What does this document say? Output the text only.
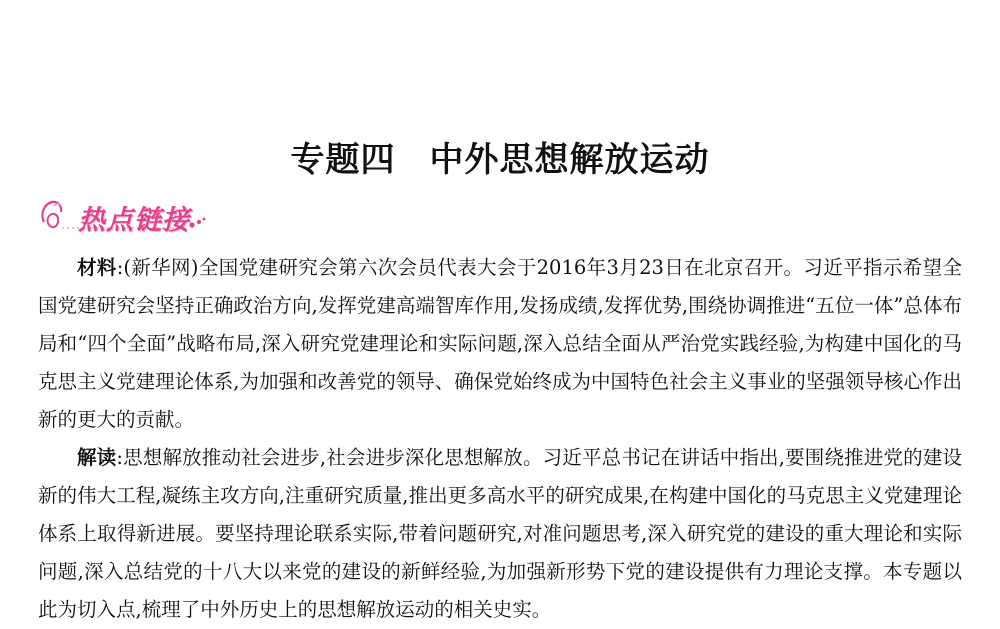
专题四 中外思想解放运动
热点链接

材料:(新华网)全国党建研究会第六次会员代表大会于2016年3月23日在北京召开。习近平指示希望全国党建研究会坚持正确政治方向,发挥党建高端智库作用,发扬成绩,发挥优势,围绕协调推进“五位一体”总体布局和“四个全面”战略布局,深入研究党建理论和实际问题,深入总结全面从严治党实践经验,为构建中国化的马克思主义党建理论体系,为加强和改善党的领导、确保党始终成为中国特色社会主义事业的坚强领导核心作出新的更大的贡献。

解读:思想解放推动社会进步,社会进步深化思想解放。习近平总书记在讲话中指出,要围绕推进党的建设新的伟大工程,凝练主攻方向,注重研究质量,推出更多高水平的研究成果,在构建中国化的马克思主义党建理论体系上取得新进展。要坚持理论联系实际,带着问题研究,对准问题思考,深入研究党的建设的重大理论和实际问题,深入总结党的十八大以来党的建设的新鲜经验,为加强新形势下党的建设提供有力理论支撑。本专题以此为切入点,梳理了中外历史上的思想解放运动的相关史实。
